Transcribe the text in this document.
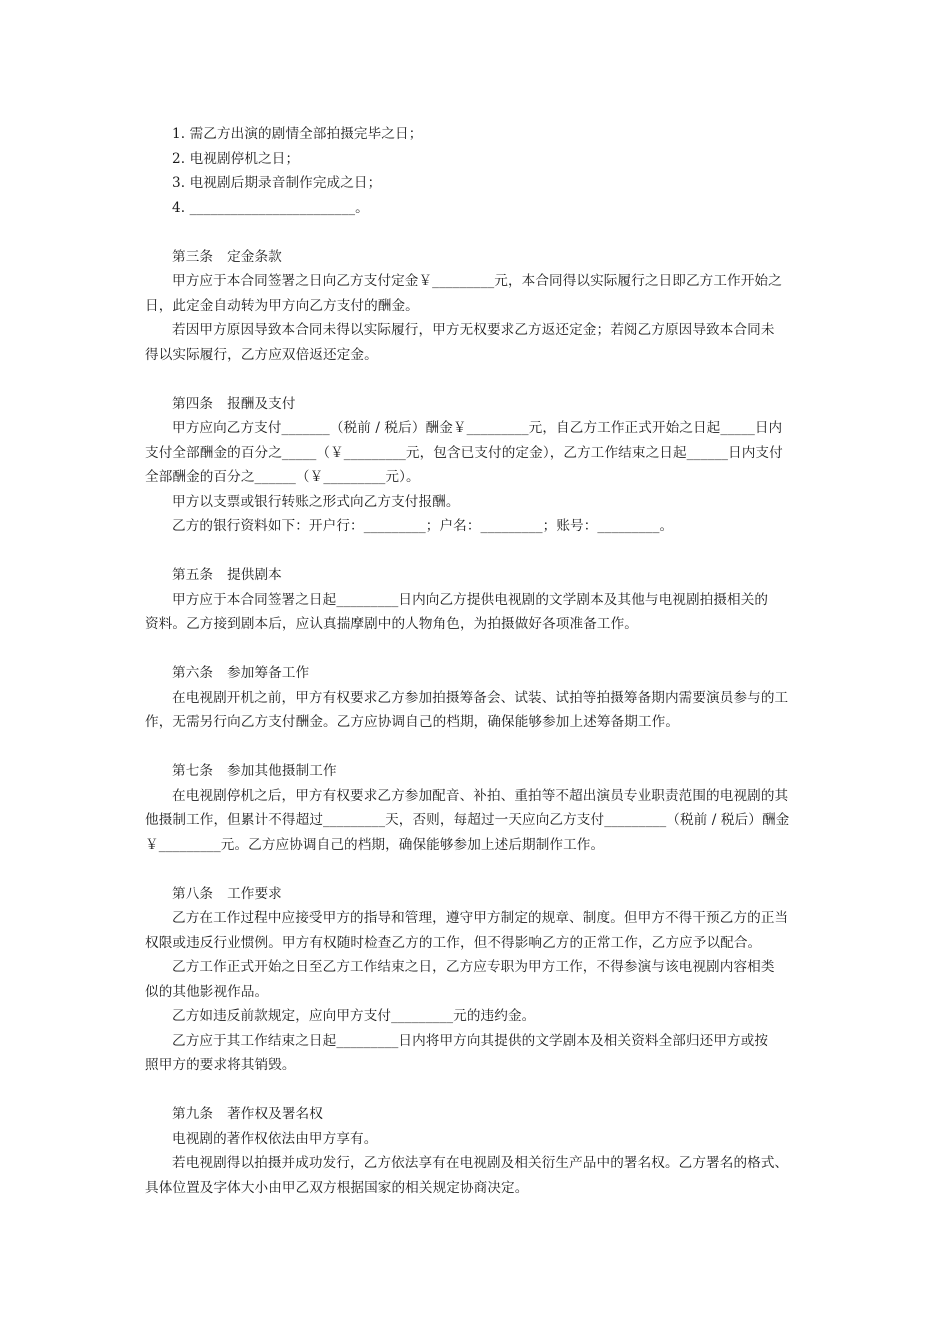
1. 需乙方出演的剧情全部拍摄完毕之日；
2. 电视剧停机之日；
3. 电视剧后期录音制作完成之日；
4. ________________________。
第三条 定金条款
甲方应于本合同签署之日向乙方支付定金￥_________元，本合同得以实际履行之日即乙方工作开始之
日，此定金自动转为甲方向乙方支付的酬金。
若因甲方原因导致本合同未得以实际履行，甲方无权要求乙方返还定金；若阅乙方原因导致本合同未
得以实际履行，乙方应双倍返还定金。
第四条 报酬及支付
甲方应向乙方支付_______（税前 / 税后）酬金￥_________元，自乙方工作正式开始之日起_____日内
支付全部酬金的百分之_____（￥_________元，包含已支付的定金），乙方工作结束之日起______日内支付
全部酬金的百分之______（￥_________元）。
甲方以支票或银行转账之形式向乙方支付报酬。
乙方的银行资料如下：开户行：_________；户名：_________；账号：_________。
第五条 提供剧本
甲方应于本合同签署之日起_________日内向乙方提供电视剧的文学剧本及其他与电视剧拍摄相关的
资料。乙方接到剧本后，应认真揣摩剧中的人物角色，为拍摄做好各项准备工作。
第六条 参加筹备工作
在电视剧开机之前，甲方有权要求乙方参加拍摄筹备会、试装、试拍等拍摄筹备期内需要演员参与的工
作，无需另行向乙方支付酬金。乙方应协调自己的档期，确保能够参加上述筹备期工作。
第七条 参加其他摄制工作
在电视剧停机之后，甲方有权要求乙方参加配音、补拍、重拍等不超出演员专业职责范围的电视剧的其
他摄制工作，但累计不得超过_________天，否则，每超过一天应向乙方支付_________（税前 / 税后）酬金
￥_________元。乙方应协调自己的档期，确保能够参加上述后期制作工作。
第八条 工作要求
乙方在工作过程中应接受甲方的指导和管理，遵守甲方制定的规章、制度。但甲方不得干预乙方的正当
权限或违反行业惯例。甲方有权随时检查乙方的工作，但不得影响乙方的正常工作，乙方应予以配合。
乙方工作正式开始之日至乙方工作结束之日，乙方应专职为甲方工作，不得参演与该电视剧内容相类
似的其他影视作品。
乙方如违反前款规定，应向甲方支付_________元的违约金。
乙方应于其工作结束之日起_________日内将甲方向其提供的文学剧本及相关资料全部归还甲方或按
照甲方的要求将其销毁。
第九条 著作权及署名权
电视剧的著作权依法由甲方享有。
若电视剧得以拍摄并成功发行，乙方依法享有在电视剧及相关衍生产品中的署名权。乙方署名的格式、
具体位置及字体大小由甲乙双方根据国家的相关规定协商决定。
